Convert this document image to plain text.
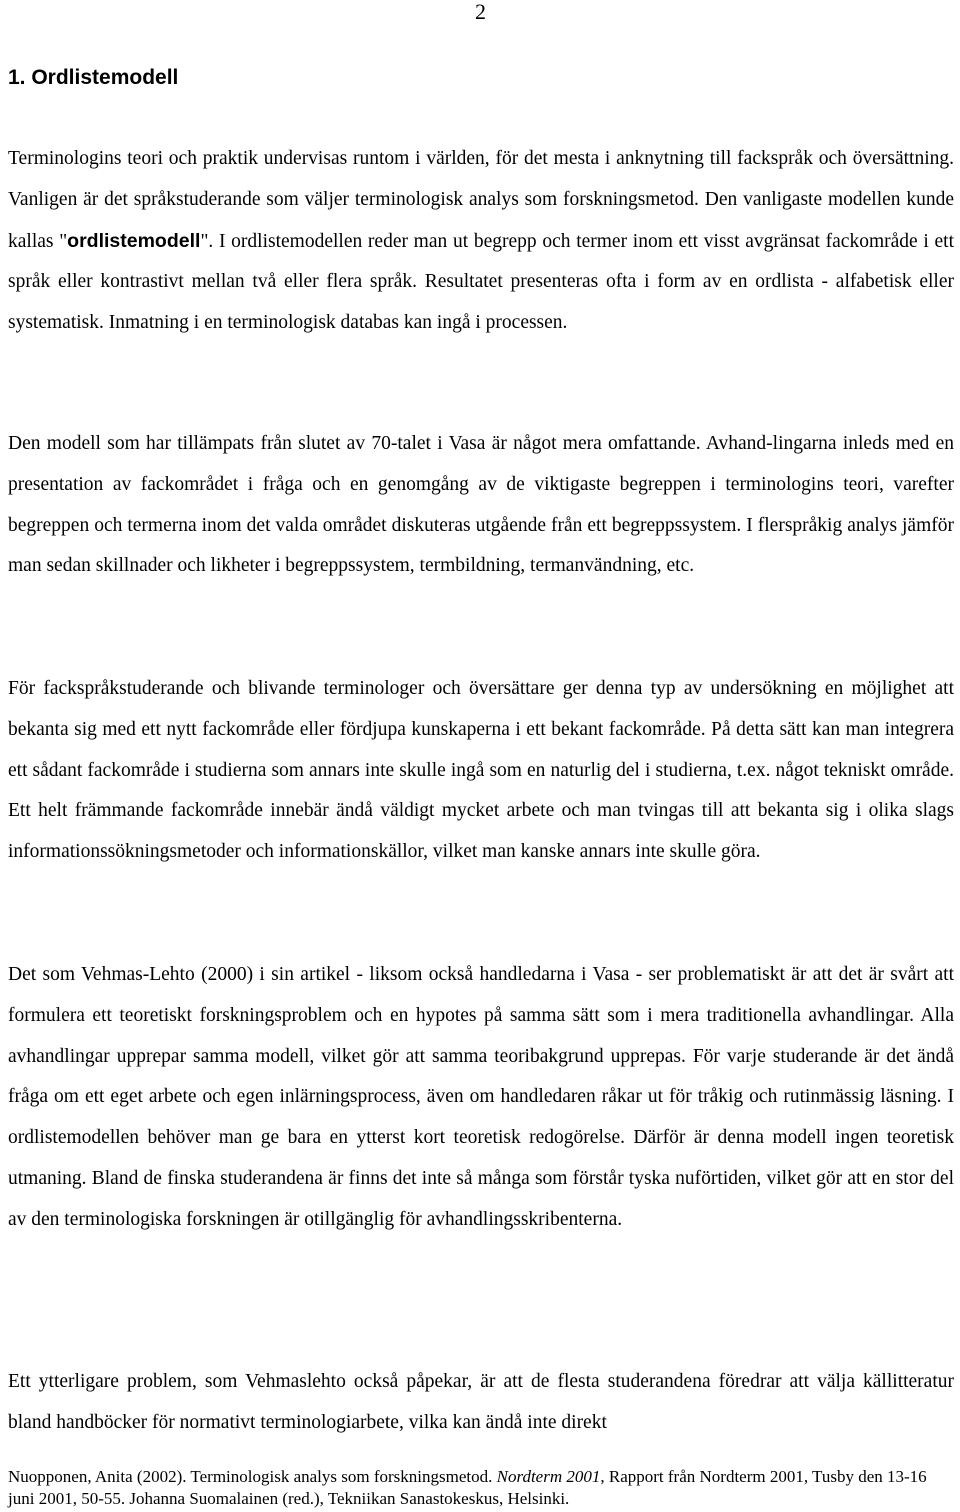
2
1. Ordlistemodell

Terminologins teori och praktik undervisas runtom i världen, för det mesta i anknytning till fackspråk och översättning. Vanligen är det språkstuderande som väljer terminologisk analys som forskningsmetod. Den vanligaste modellen kunde kallas "ordlistemodell". I ordlistemodellen reder man ut begrepp och termer inom ett visst avgränsat fackområde i ett språk eller kontrastivt mellan två eller flera språk. Resultatet presenteras ofta i form av en ordlista - alfabetisk eller systematisk. Inmatning i en terminologisk databas kan ingå i processen.

Den modell som har tillämpats från slutet av 70-talet i Vasa är något mera omfattande. Avhand-lingarna inleds med en presentation av fackområdet i fråga och en genomgång av de viktigaste begreppen i terminologins teori, varefter begreppen och termerna inom det valda området diskuteras utgående från ett begreppssystem. I flerspråkig analys jämför man sedan skillnader och likheter i begreppssystem, termbildning, termanvändning, etc.

För fackspråkstuderande och blivande terminologer och översättare ger denna typ av undersökning en möjlighet att bekanta sig med ett nytt fackområde eller fördjupa kunskaperna i ett bekant fackområde. På detta sätt kan man integrera ett sådant fackområde i studierna som annars inte skulle ingå som en naturlig del i studierna, t.ex. något tekniskt område. Ett helt främmande fackområde innebär ändå väldigt mycket arbete och man tvingas till att bekanta sig i olika slags informationssökningsmetoder och informationskällor, vilket man kanske annars inte skulle göra.

Det som Vehmas-Lehto (2000) i sin artikel - liksom också handledarna i Vasa - ser problematiskt är att det är svårt att formulera ett teoretiskt forskningsproblem och en hypotes på samma sätt som i mera traditionella avhandlingar. Alla avhandlingar upprepar samma modell, vilket gör att samma teoribakgrund upprepas. För varje studerande är det ändå fråga om ett eget arbete och egen inlärningsprocess, även om handledaren råkar ut för tråkig och rutinmässig läsning. I ordlistemodellen behöver man ge bara en ytterst kort teoretisk redogörelse. Därför är denna modell ingen teoretisk utmaning. Bland de finska studerandena är finns det inte så många som förstår tyska nuförtiden, vilket gör att en stor del av den terminologiska forskningen är otillgänglig för avhandlingsskribenterna.

Ett ytterligare problem, som Vehmaslehto också påpekar, är att de flesta studerandena föredrar att välja källitteratur bland handböcker för normativt terminologiarbete, vilka kan ändå inte direkt

Nuopponen, Anita (2002). Terminologisk analys som forskningsmetod. Nordterm 2001, Rapport från Nordterm 2001, Tusby den 13-16 juni 2001, 50-55. Johanna Suomalainen (red.), Tekniikan Sanastokeskus, Helsinki.
